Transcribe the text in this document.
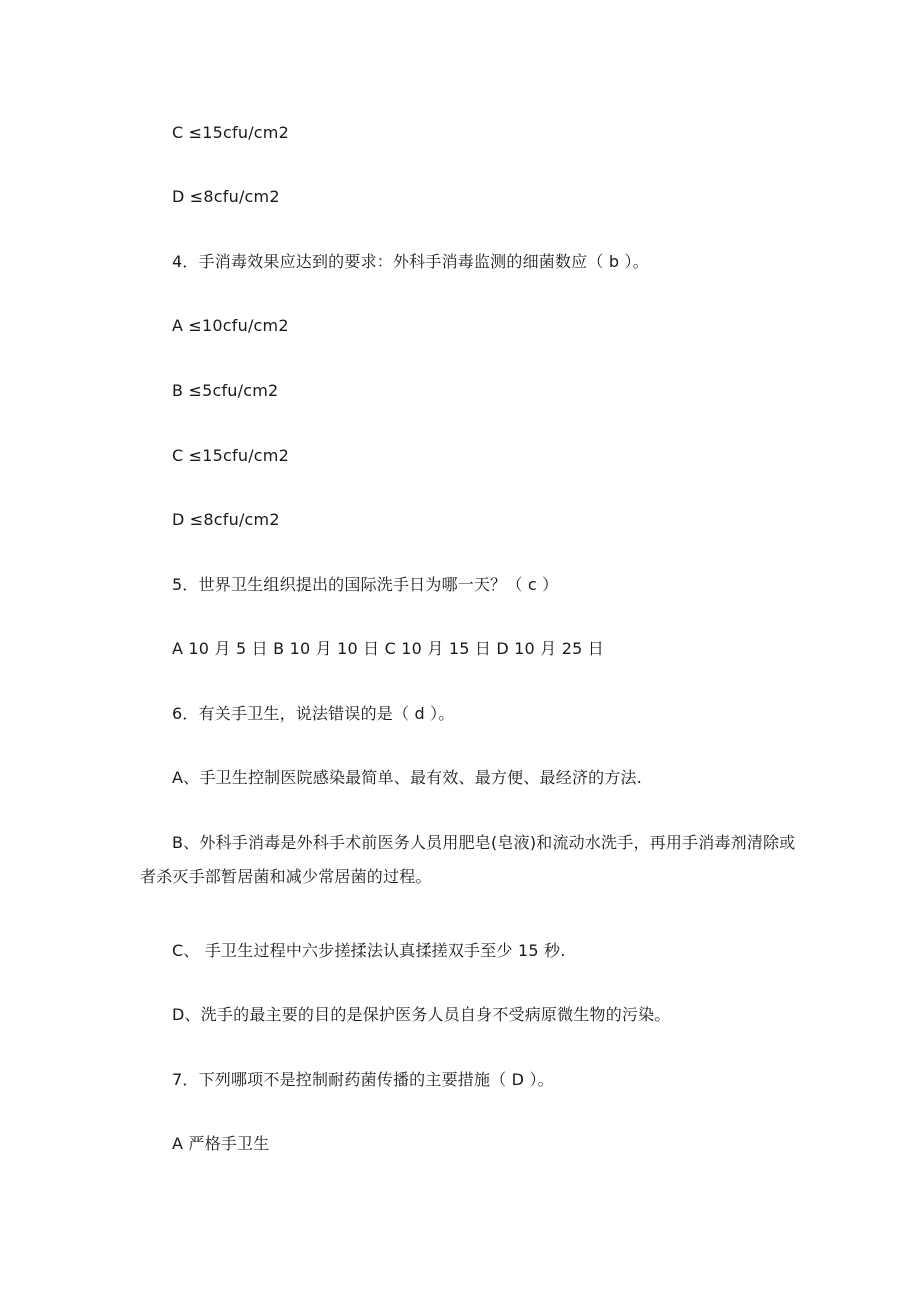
C ≤15cfu/cm2
D ≤8cfu/cm2
4．手消毒效果应达到的要求：外科手消毒监测的细菌数应（ b ）。
A ≤10cfu/cm2
B ≤5cfu/cm2
C ≤15cfu/cm2
D ≤8cfu/cm2
5．世界卫生组织提出的国际洗手日为哪一天？（ c ）
A 10 月 5 日 B 10 月 10 日 C 10 月 15 日 D 10 月 25 日
6．有关手卫生，说法错误的是（ d ）。
A、手卫生控制医院感染最简单、最有效、最方便、最经济的方法.
B、外科手消毒是外科手术前医务人员用肥皂(皂液)和流动水洗手，再用手消毒剂清除或者杀灭手部暂居菌和减少常居菌的过程。
C、 手卫生过程中六步搓揉法认真揉搓双手至少 15 秒.
D、洗手的最主要的目的是保护医务人员自身不受病原微生物的污染。
7．下列哪项不是控制耐药菌传播的主要措施（ D ）。
A 严格手卫生
